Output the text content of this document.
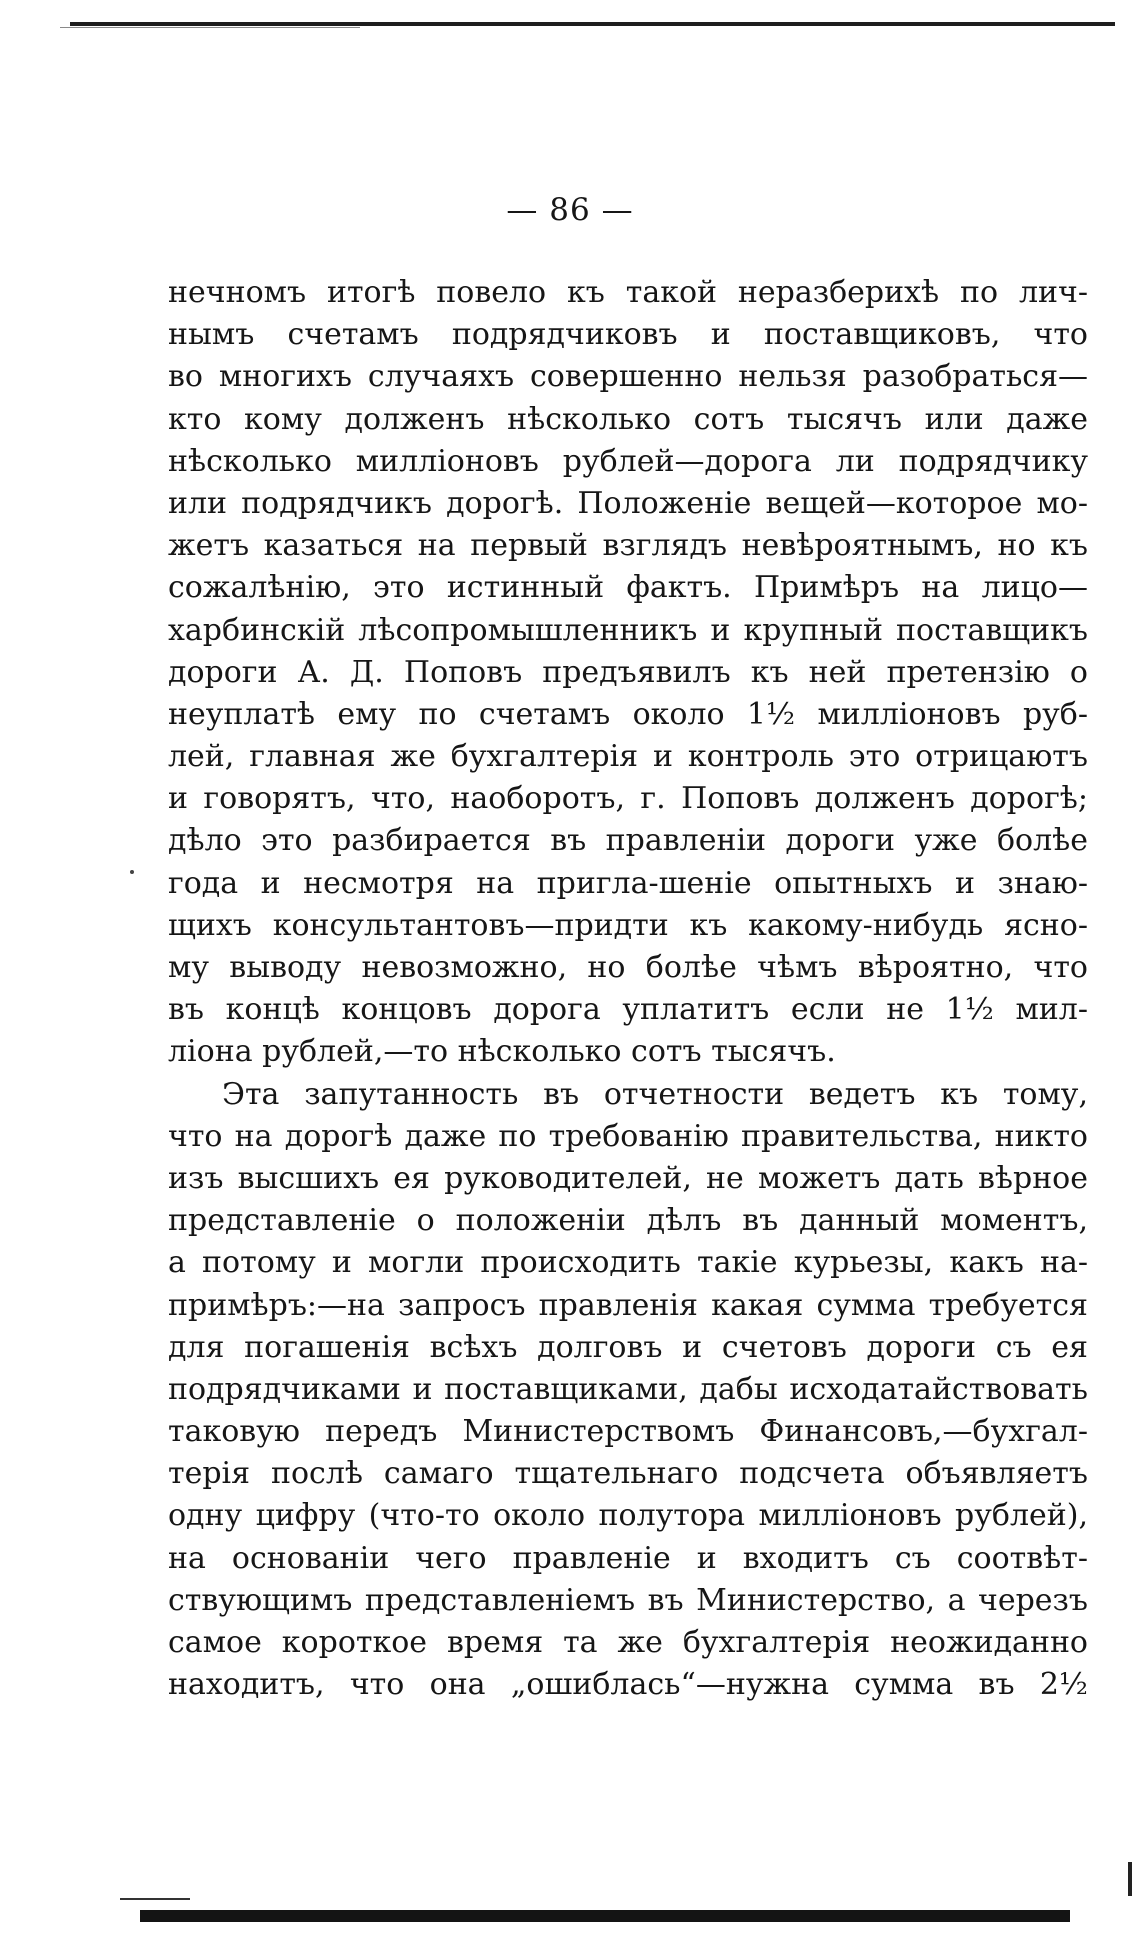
— 86 —
нечномъ итогѣ повело къ такой неразберихѣ по лич-
нымъ счетамъ подрядчиковъ и поставщиковъ, что
во многихъ случаяхъ совершенно нельзя разобраться—
кто кому долженъ нѣсколько сотъ тысячъ или даже
нѣсколько милліоновъ рублей—дорога ли подрядчику
или подрядчикъ дорогѣ. Положеніе вещей—которое мо-
жетъ казаться на первый взглядъ невѣроятнымъ, но къ
сожалѣнію, это истинный фактъ. Примѣръ на лицо—
харбинскій лѣсопромышленникъ и крупный поставщикъ
дороги А. Д. Поповъ предъявилъ къ ней претензію о
неуплатѣ ему по счетамъ около 1½ милліоновъ руб-
лей, главная же бухгалтерія и контроль это отрицаютъ
и говорятъ, что, наоборотъ, г. Поповъ долженъ дорогѣ;
дѣло это разбирается въ правленіи дороги уже болѣе
года и несмотря на пригла-шеніе опытныхъ и знаю-
щихъ консультантовъ—придти къ какому-нибудь ясно-
му выводу невозможно, но болѣе чѣмъ вѣроятно, что
въ концѣ концовъ дорога уплатитъ если не 1½ мил-
ліона рублей,—то нѣсколько сотъ тысячъ.
Эта запутанность въ отчетности ведетъ къ тому,
что на дорогѣ даже по требованію правительства, никто
изъ высшихъ ея руководителей, не можетъ дать вѣрное
представленіе о положеніи дѣлъ въ данный моментъ,
а потому и могли происходить такіе курьезы, какъ на-
примѣръ:—на запросъ правленія какая сумма требуется
для погашенія всѣхъ долговъ и счетовъ дороги съ ея
подрядчиками и поставщиками, дабы исходатайствовать
таковую передъ Министерствомъ Финансовъ,—бухгал-
терія послѣ самаго тщательнаго подсчета объявляетъ
одну цифру (что-то около полутора милліоновъ рублей),
на основаніи чего правленіе и входитъ съ соотвѣт-
ствующимъ представленіемъ въ Министерство, а черезъ
самое короткое время та же бухгалтерія неожиданно
находитъ, что она „ошиблась“—нужна сумма въ 2½
